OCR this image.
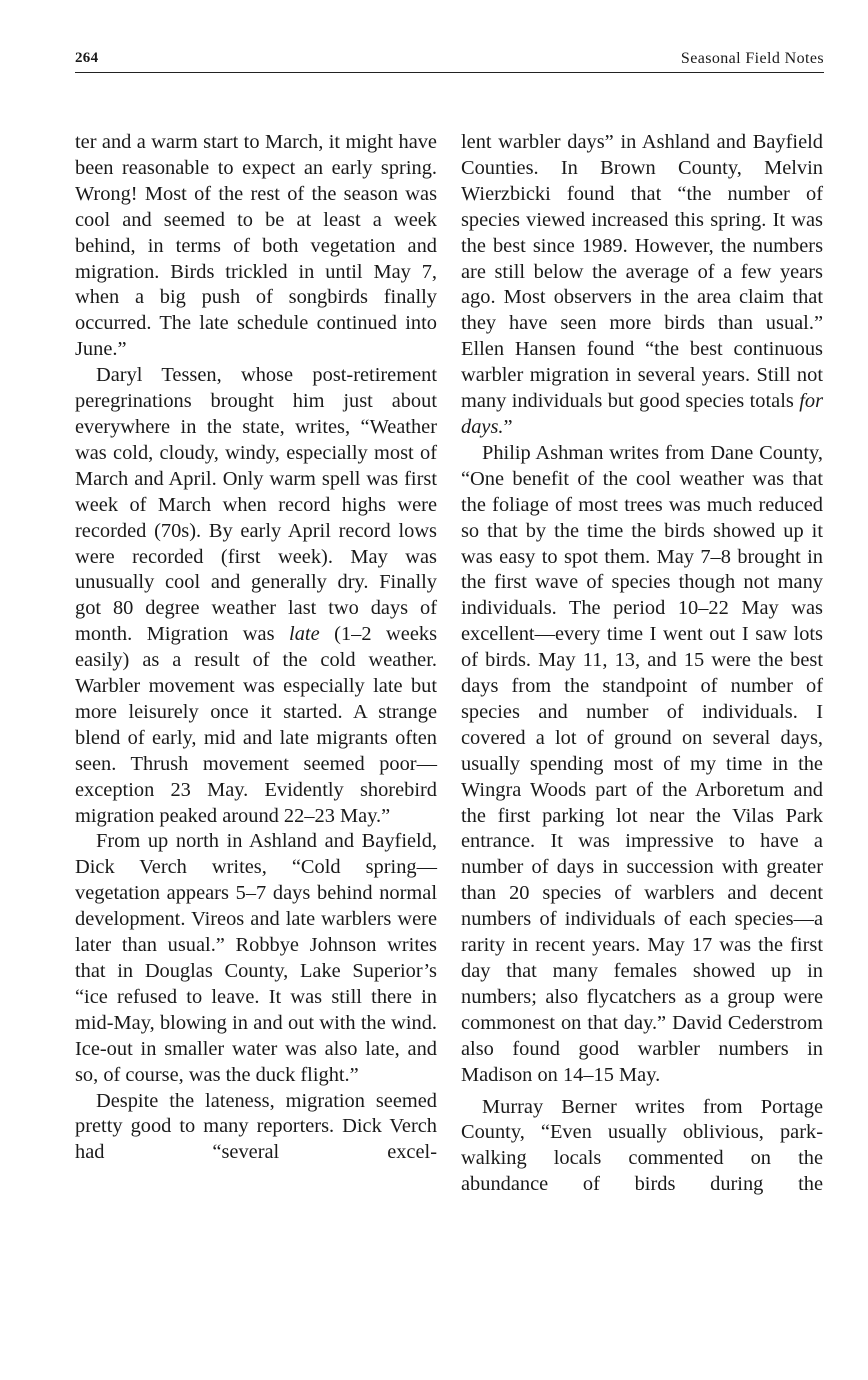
264	Seasonal Field Notes

ter and a warm start to March, it might have been reasonable to expect an early spring. Wrong! Most of the rest of the season was cool and seemed to be at least a week behind, in terms of both vegetation and migration. Birds trickled in until May 7, when a big push of songbirds finally occurred. The late schedule continued into June.”

Daryl Tessen, whose post-retirement peregrinations brought him just about everywhere in the state, writes, “Weather was cold, cloudy, windy, especially most of March and April. Only warm spell was first week of March when record highs were recorded (70s). By early April record lows were recorded (first week). May was unusually cool and generally dry. Finally got 80 degree weather last two days of month. Migration was late (1–2 weeks easily) as a result of the cold weather. Warbler movement was especially late but more leisurely once it started. A strange blend of early, mid and late migrants often seen. Thrush movement seemed poor—exception 23 May. Evidently shorebird migration peaked around 22–23 May.”

From up north in Ashland and Bayfield, Dick Verch writes, “Cold spring—vegetation appears 5–7 days behind normal development. Vireos and late warblers were later than usual.” Robbye Johnson writes that in Douglas County, Lake Superior’s “ice refused to leave. It was still there in mid-May, blowing in and out with the wind. Ice-out in smaller water was also late, and so, of course, was the duck flight.”

Despite the lateness, migration seemed pretty good to many reporters. Dick Verch had “several excel-

lent warbler days” in Ashland and Bayfield Counties. In Brown County, Melvin Wierzbicki found that “the number of species viewed increased this spring. It was the best since 1989. However, the numbers are still below the average of a few years ago. Most observers in the area claim that they have seen more birds than usual.” Ellen Hansen found “the best continuous warbler migration in several years. Still not many individuals but good species totals for days.”

Philip Ashman writes from Dane County, “One benefit of the cool weather was that the foliage of most trees was much reduced so that by the time the birds showed up it was easy to spot them. May 7–8 brought in the first wave of species though not many individuals. The period 10–22 May was excellent—every time I went out I saw lots of birds. May 11, 13, and 15 were the best days from the standpoint of number of species and number of individuals. I covered a lot of ground on several days, usually spending most of my time in the Wingra Woods part of the Arboretum and the first parking lot near the Vilas Park entrance. It was impressive to have a number of days in succession with greater than 20 species of warblers and decent numbers of individuals of each species—a rarity in recent years. May 17 was the first day that many females showed up in numbers; also flycatchers as a group were commonest on that day.” David Cederstrom also found good warbler numbers in Madison on 14–15 May.

Murray Berner writes from Portage County, “Even usually oblivious, park-walking locals commented on the abundance of birds during the
